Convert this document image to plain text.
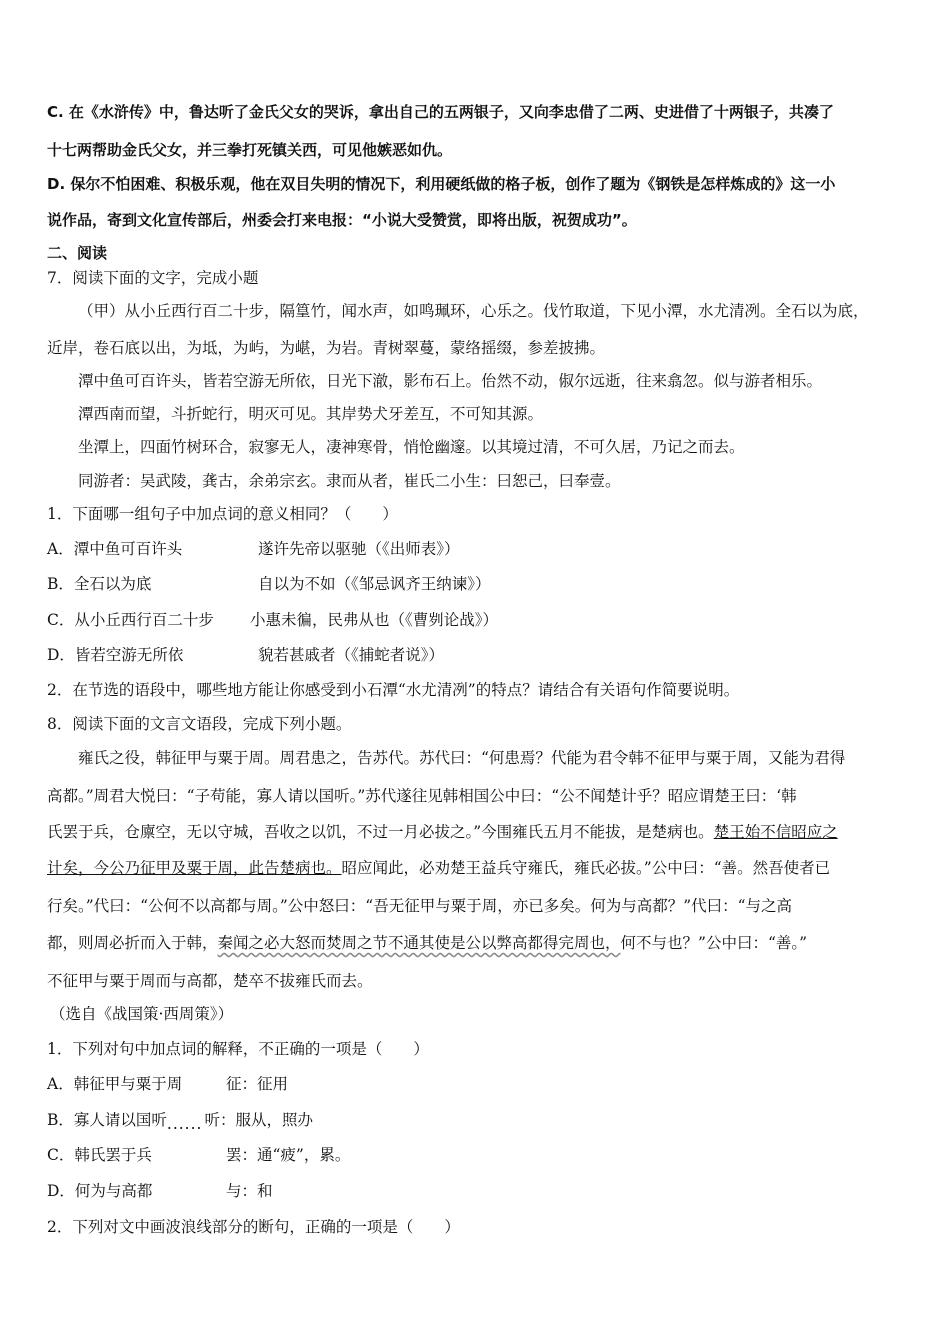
C. 在《水浒传》中，鲁达听了金氏父女的哭诉，拿出自己的五两银子，又向李忠借了二两、史进借了十两银子，共凑了
十七两帮助金氏父女，并三拳打死镇关西，可见他嫉恶如仇。
D. 保尔不怕困难、积极乐观，他在双目失明的情况下，利用硬纸做的格子板，创作了题为《钢铁是怎样炼成的》这一小
说作品，寄到文化宣传部后，州委会打来电报：“小说大受赞赏，即将出版，祝贺成功”。
二、阅读
7．阅读下面的文字，完成小题
（甲）从小丘西行百二十步，隔篁竹，闻水声，如鸣珮环，心乐之。伐竹取道，下见小潭，水尤清冽。全石以为底，
近岸，卷石底以出，为坻，为屿，为嵁，为岩。青树翠蔓，蒙络摇缀，参差披拂。
潭中鱼可百许头，皆若空游无所依，日光下澈，影布石上。佁然不动，俶尔远逝，往来翕忽。似与游者相乐。
潭西南而望，斗折蛇行，明灭可见。其岸势犬牙差互，不可知其源。
坐潭上，四面竹树环合，寂寥无人，凄神寒骨，悄怆幽邃。以其境过清，不可久居，乃记之而去。
同游者：吴武陵，龚古，余弟宗玄。隶而从者，崔氏二小生：曰恕己，曰奉壹。
1．下面哪一组句子中加点词的意义相同？（　　）
A．潭中鱼可百许头	遂许先帝以驱驰（《出师表》）
B．全石以为底	自以为不如（《邹忌讽齐王纳谏》）
C．从小丘西行百二十步 小惠未徧，民弗从也（《曹刿论战》）
D．皆若空游无所依	貌若甚戚者（《捕蛇者说》）
2．在节选的语段中，哪些地方能让你感受到小石潭“水尤清冽”的特点？请结合有关语句作简要说明。
8．阅读下面的文言文语段，完成下列小题。
雍氏之役，韩征甲与粟于周。周君患之，告苏代。苏代曰：“何患焉？代能为君令韩不征甲与粟于周，又能为君得
高都。”周君大悦曰：“子苟能，寡人请以国听。”苏代遂往见韩相国公中曰：“公不闻楚计乎？昭应谓楚王曰：‘韩
氏罢于兵，仓廪空，无以守城，吾收之以饥，不过一月必拔之。”今围雍氏五月不能拔，是楚病也。楚王始不信昭应之
计矣，今公乃征甲及粟于周，此告楚病也。昭应闻此，必劝楚王益兵守雍氏，雍氏必拔。”公中曰：“善。然吾使者已
行矣。”代曰：“公何不以高都与周。”公中怒曰：“吾无征甲与粟于周，亦已多矣。何为与高都？”代曰：“与之高
都，则周必折而入于韩，秦闻之必大怒而焚周之节不通其使是公以弊高都得完周也，何不与也？”公中曰：“善。”
不征甲与粟于周而与高都，楚卒不拔雍氏而去。
（选自《战国策·西周策》）
1．下列对句中加点词的解释，不正确的一项是（　　）
A．韩征甲与粟于周	征：征用
B．寡人请以国听...... 听：服从，照办
C．韩氏罢于兵	罢：通“疲”，累。
D．何为与高都	与：和
2．下列对文中画波浪线部分的断句，正确的一项是（　　）
